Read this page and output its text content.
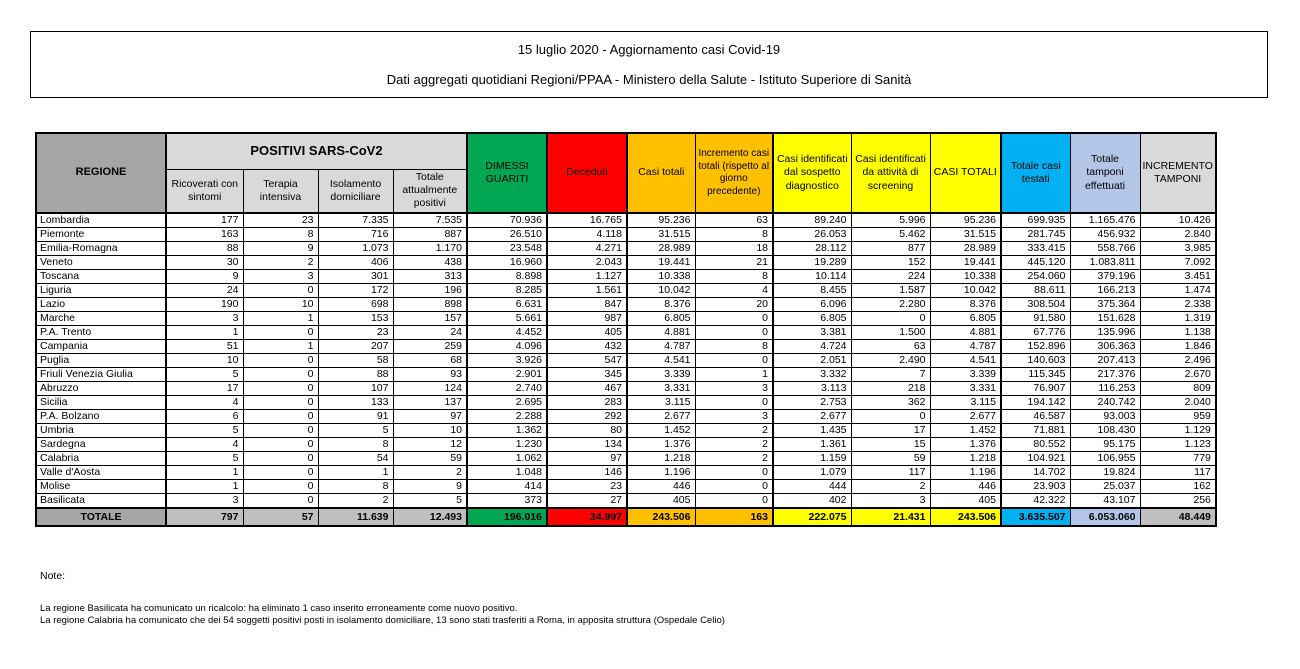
15 luglio 2020 - Aggiornamento casi Covid-19
Dati aggregati quotidiani Regioni/PPAA - Ministero della Salute - Istituto Superiore di Sanità
REGIONE	POSITIVI SARS-CoV2				DIMESSI GUARITI	Deceduti	Casi totali	Incremento casi totali (rispetto al giorno precedente)	Casi identificati dal sospetto diagnostico	Casi identificati da attività di screening	CASI TOTALI	Totale casi testati	Totale tamponi effettuati	INCREMENTO TAMPONI
	Ricoverati con sintomi	Terapia intensiva	Isolamento domiciliare	Totale attualmente positivi										
Lombardia	177	23	7.335	7.535	70.936	16.765	95.236	63	89.240	5.996	95.236	699.935	1.165.476	10.426
Piemonte	163	8	716	887	26.510	4.118	31.515	8	26.053	5.462	31.515	281.745	456.932	2.840
Emilia-Romagna	88	9	1.073	1.170	23.548	4.271	28.989	18	28.112	877	28.989	333.415	558.766	3.985
Veneto	30	2	406	438	16.960	2.043	19.441	21	19.289	152	19.441	445.120	1.083.811	7.092
Toscana	9	3	301	313	8.898	1.127	10.338	8	10.114	224	10.338	254.060	379.196	3.451
Liguria	24	0	172	196	8.285	1.561	10.042	4	8.455	1.587	10.042	88.611	166.213	1.474
Lazio	190	10	698	898	6.631	847	8.376	20	6.096	2.280	8.376	308.504	375.364	2.338
Marche	3	1	153	157	5.661	987	6.805	0	6.805	0	6.805	91.580	151.628	1.319
P.A. Trento	1	0	23	24	4.452	405	4.881	0	3.381	1.500	4.881	67.776	135.996	1.138
Campania	51	1	207	259	4.096	432	4.787	8	4.724	63	4.787	152.896	306.363	1.846
Puglia	10	0	58	68	3.926	547	4.541	0	2.051	2.490	4.541	140.603	207.413	2.496
Friuli Venezia Giulia	5	0	88	93	2.901	345	3.339	1	3.332	7	3.339	115.345	217.376	2.670
Abruzzo	17	0	107	124	2.740	467	3.331	3	3.113	218	3.331	76.907	116.253	809
Sicilia	4	0	133	137	2.695	283	3.115	0	2.753	362	3.115	194.142	240.742	2.040
P.A. Bolzano	6	0	91	97	2.288	292	2.677	3	2.677	0	2.677	46.587	93.003	959
Umbria	5	0	5	10	1.362	80	1.452	2	1.435	17	1.452	71.881	108.430	1.129
Sardegna	4	0	8	12	1.230	134	1.376	2	1.361	15	1.376	80.552	95.175	1.123
Calabria	5	0	54	59	1.062	97	1.218	2	1.159	59	1.218	104.921	106.955	779
Valle d'Aosta	1	0	1	2	1.048	146	1.196	0	1.079	117	1.196	14.702	19.824	117
Molise	1	0	8	9	414	23	446	0	444	2	446	23.903	25.037	162
Basilicata	3	0	2	5	373	27	405	0	402	3	405	42.322	43.107	256
TOTALE	797	57	11.639	12.493	196.016	34.997	243.506	163	222.075	21.431	243.506	3.635.507	6.053.060	48.449
Note:
La regione Basilicata ha comunicato un ricalcolo: ha eliminato 1 caso inserito erroneamente come nuovo positivo.
La regione Calabria ha comunicato che dei 54 soggetti positivi posti in isolamento domiciliare, 13 sono stati trasferiti a Roma, in apposita struttura (Ospedale Celio)
